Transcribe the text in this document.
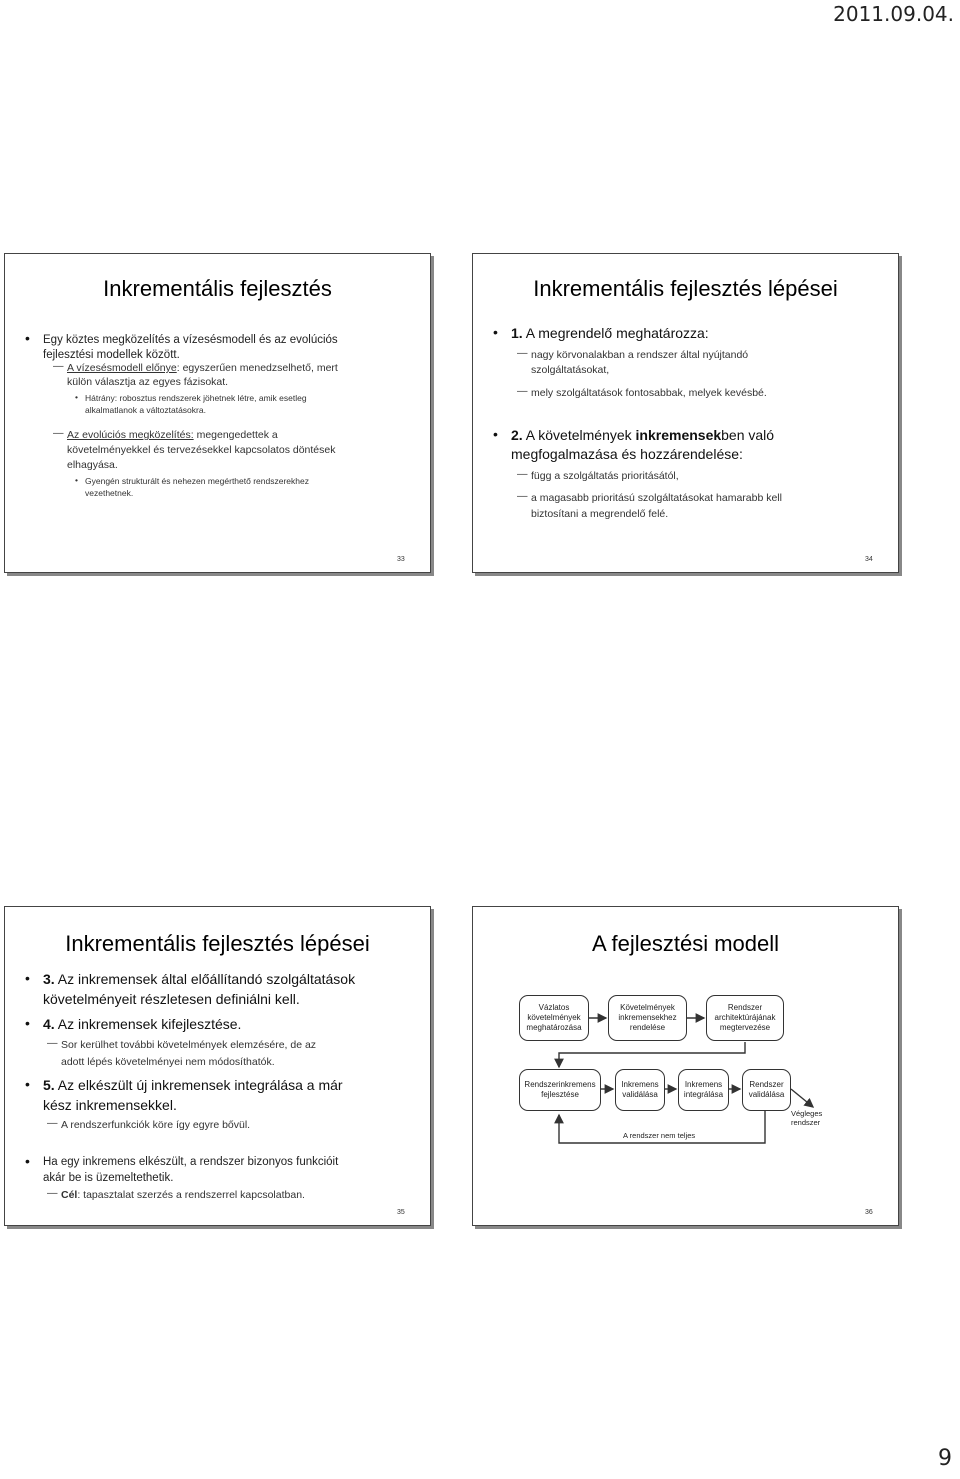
2011.09.04.
Inkrementális fejlesztés
• Egy köztes megközelítés a vízesésmodell és az evolúciós
fejlesztési modellek között.
— A vízesésmodell előnye: egyszerűen menedzselhető, mert
külön választja az egyes fázisokat.
• Hátrány: robosztus rendszerek jöhetnek létre, amik esetleg
alkalmatlanok a változtatásokra.
— Az evolúciós megközelítés: megengedettek a
követelményekkel és tervezésekkel kapcsolatos döntések
elhagyása.
• Gyengén strukturált és nehezen megérthető rendszerekhez
vezethetnek.
33
Inkrementális fejlesztés lépései
• 1. A megrendelő meghatározza:
— nagy körvonalakban a rendszer által nyújtandó
szolgáltatásokat,
— mely szolgáltatások fontosabbak, melyek kevésbé.
• 2. A követelmények inkremensekben való
megfogalmazása és hozzárendelése:
— függ a szolgáltatás prioritásától,
— a magasabb prioritású szolgáltatásokat hamarabb kell
biztosítani a megrendelő felé.
34
Inkrementális fejlesztés lépései
• 3. Az inkremensek által előállítandó szolgáltatások
követelményeit részletesen definiálni kell.
• 4. Az inkremensek kifejlesztése.
— Sor kerülhet további követelmények elemzésére, de az
adott lépés követelményei nem módosíthatók.
• 5. Az elkészült új inkremensek integrálása a már
kész inkremensekkel.
— A rendszerfunkciók köre így egyre bővül.
• Ha egy inkremens elkészült, a rendszer bizonyos funkcióit
akár be is üzemeltethetik.
— Cél: tapasztalat szerzés a rendszerrel kapcsolatban.
35
A fejlesztési modell
Vázlatos követelmények meghatározása
Követelmények inkremensekhez rendelése
Rendszer architektúrájának megtervezése
Rendszerinkremens fejlesztése
Inkremens validálása
Inkremens integrálása
Rendszer validálása
Végleges rendszer
A rendszer nem teljes
36
9
